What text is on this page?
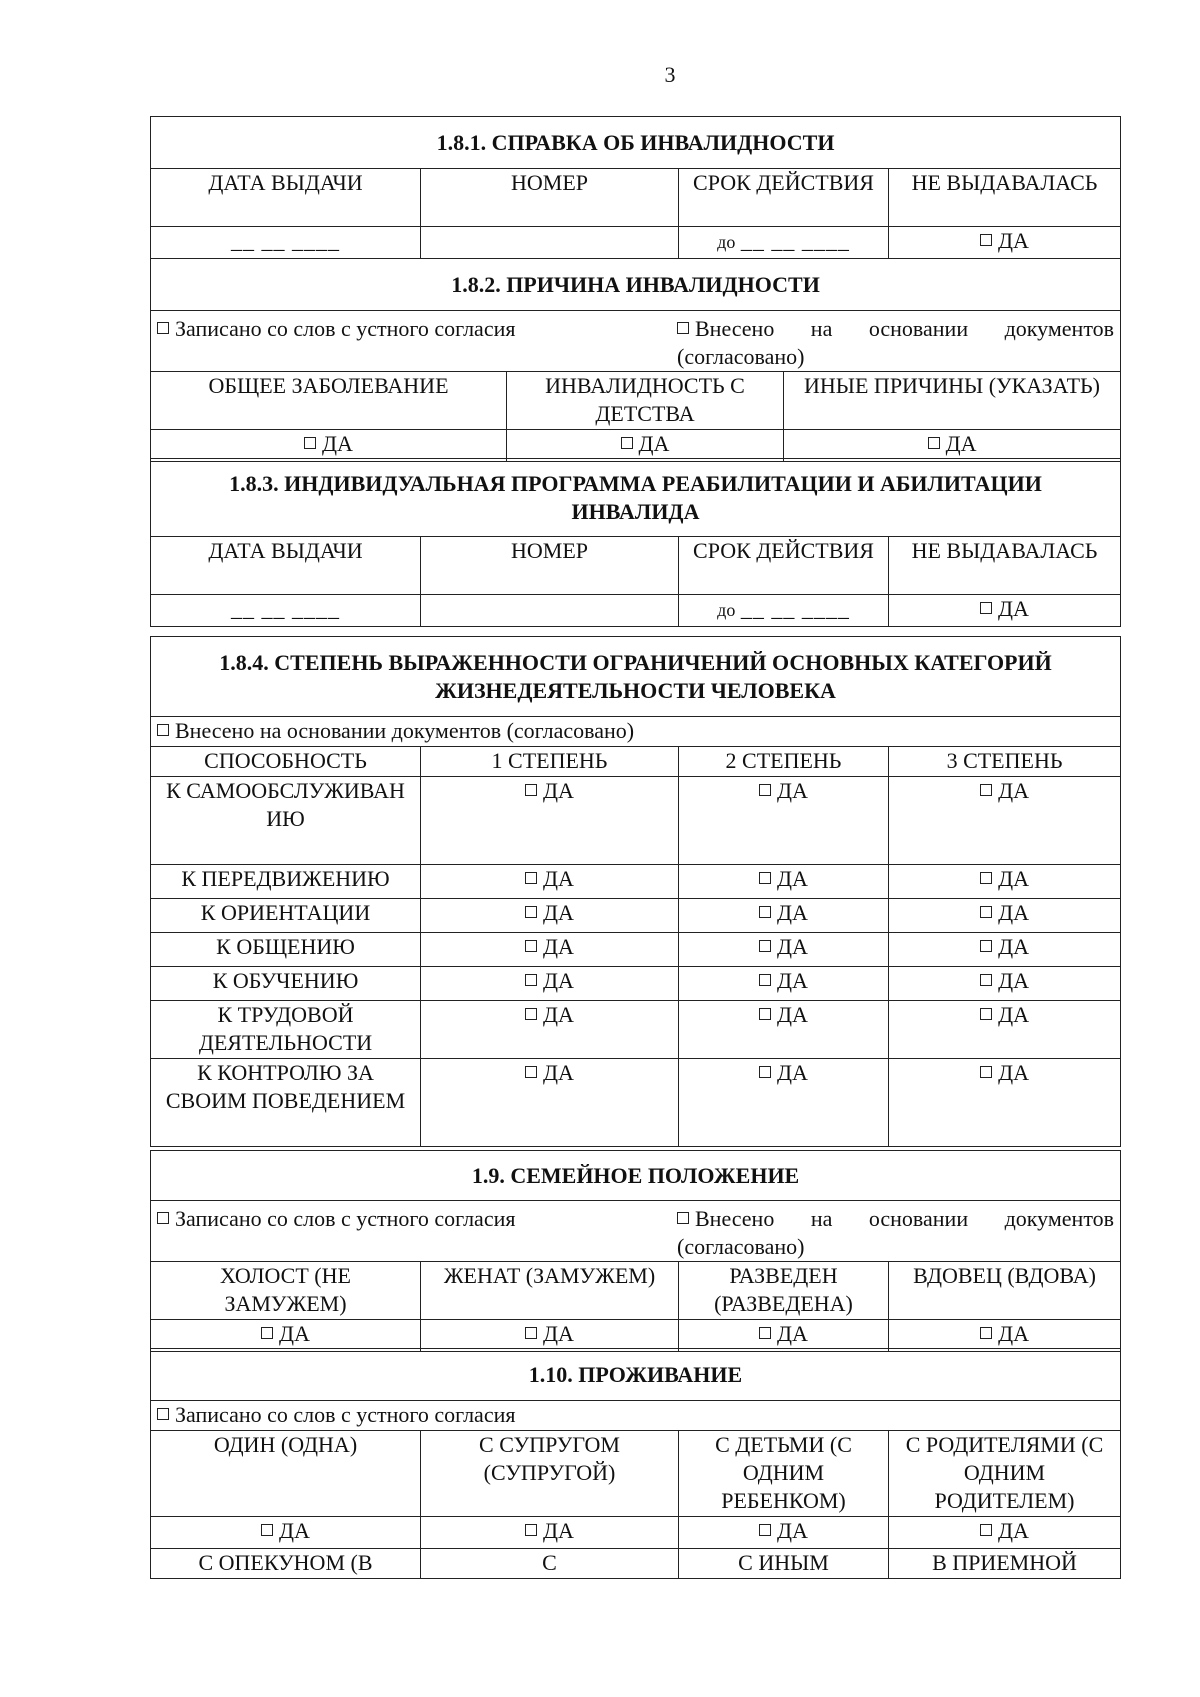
3
1.8.1. СПРАВКА ОБ ИНВАЛИДНОСТИ			
ДАТА ВЫДАЧИ	НОМЕР	СРОК ДЕЙСТВИЯ	НЕ ВЫДАВАЛАСЬ
__ __ ____		до __ __ ____	ДА
1.8.2. ПРИЧИНА ИНВАЛИДНОСТИ		

Записано со слов с устного согласия Внесено на основании документов (согласовано)		

ОБЩЕЕ ЗАБОЛЕВАНИЕ	ИНВАЛИДНОСТЬ С ДЕТСТВА	ИНЫЕ ПРИЧИНЫ (УКАЗАТЬ)
ДА	ДА	ДА
1.8.3. ИНДИВИДУАЛЬНАЯ ПРОГРАММА РЕАБИЛИТАЦИИ И АБИЛИТАЦИИ ИНВАЛИДА			
ДАТА ВЫДАЧИ	НОМЕР	СРОК ДЕЙСТВИЯ	НЕ ВЫДАВАЛАСЬ
__ __ ____		до __ __ ____	ДА
1.8.4. СТЕПЕНЬ ВЫРАЖЕННОСТИ ОГРАНИЧЕНИЙ ОСНОВНЫХ КАТЕГОРИЙ ЖИЗНЕДЕЯТЕЛЬНОСТИ ЧЕЛОВЕКА			
Внесено на основании документов (согласовано)			
СПОСОБНОСТЬ	1 СТЕПЕНЬ	2 СТЕПЕНЬ	3 СТЕПЕНЬ
К САМООБСЛУЖИВАН ИЮ	ДА	ДА	ДА
К ПЕРЕДВИЖЕНИЮ	ДА	ДА	ДА
К ОРИЕНТАЦИИ	ДА	ДА	ДА
К ОБЩЕНИЮ	ДА	ДА	ДА
К ОБУЧЕНИЮ	ДА	ДА	ДА
К ТРУДОВОЙ ДЕЯТЕЛЬНОСТИ	ДА	ДА	ДА
К КОНТРОЛЮ ЗА СВОИМ ПОВЕДЕНИЕМ	ДА	ДА	ДА
1.9. СЕМЕЙНОЕ ПОЛОЖЕНИЕ			

Записано со слов с устного согласия Внесено на основании документов (согласовано)			

ХОЛОСТ (НЕ ЗАМУЖЕМ)	ЖЕНАТ (ЗАМУЖЕМ)	РАЗВЕДЕН (РАЗВЕДЕНА)	ВДОВЕЦ (ВДОВА)
ДА	ДА	ДА	ДА
1.10. ПРОЖИВАНИЕ			
Записано со слов с устного согласия			
ОДИН (ОДНА)	С СУПРУГОМ (СУПРУГОЙ)	С ДЕТЬМИ (С ОДНИМ РЕБЕНКОМ)	С РОДИТЕЛЯМИ (С ОДНИМ РОДИТЕЛЕМ)
ДА	ДА	ДА	ДА
С ОПЕКУНОМ (В	С	С ИНЫМ	В ПРИЕМНОЙ
